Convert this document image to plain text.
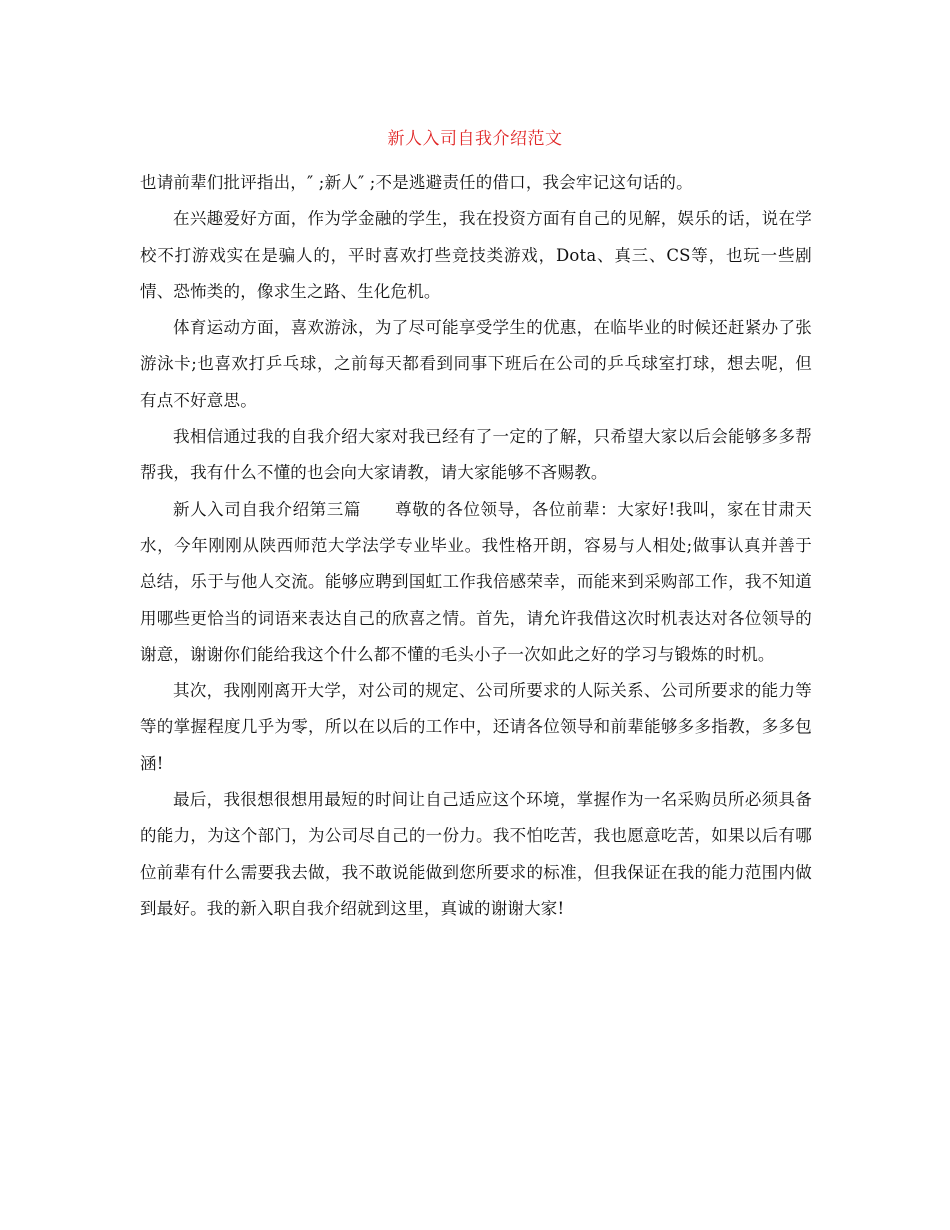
新人入司自我介绍范文

也请前辈们批评指出，″ ;新人″ ;不是逃避责任的借口，我会牢记这句话的。

在兴趣爱好方面，作为学金融的学生，我在投资方面有自己的见解，娱乐的话，说在学校不打游戏实在是骗人的，平时喜欢打些竞技类游戏，Dota、真三、CS等，也玩一些剧情、恐怖类的，像求生之路、生化危机。

体育运动方面，喜欢游泳，为了尽可能享受学生的优惠，在临毕业的时候还赶紧办了张游泳卡;也喜欢打乒乓球，之前每天都看到同事下班后在公司的乒乓球室打球，想去呢，但有点不好意思。

我相信通过我的自我介绍大家对我已经有了一定的了解，只希望大家以后会能够多多帮帮我，我有什么不懂的也会向大家请教，请大家能够不吝赐教。

新人入司自我介绍第三篇　　尊敬的各位领导，各位前辈：大家好!我叫，家在甘肃天水，今年刚刚从陕西师范大学法学专业毕业。我性格开朗，容易与人相处;做事认真并善于总结，乐于与他人交流。能够应聘到国虹工作我倍感荣幸，而能来到采购部工作，我不知道用哪些更恰当的词语来表达自己的欣喜之情。首先，请允许我借这次时机表达对各位领导的谢意，谢谢你们能给我这个什么都不懂的毛头小子一次如此之好的学习与锻炼的时机。

其次，我刚刚离开大学，对公司的规定、公司所要求的人际关系、公司所要求的能力等等的掌握程度几乎为零，所以在以后的工作中，还请各位领导和前辈能够多多指教，多多包涵!

最后，我很想很想用最短的时间让自己适应这个环境，掌握作为一名采购员所必须具备的能力，为这个部门，为公司尽自己的一份力。我不怕吃苦，我也愿意吃苦，如果以后有哪位前辈有什么需要我去做，我不敢说能做到您所要求的标准，但我保证在我的能力范围内做到最好。我的新入职自我介绍就到这里，真诚的谢谢大家!
